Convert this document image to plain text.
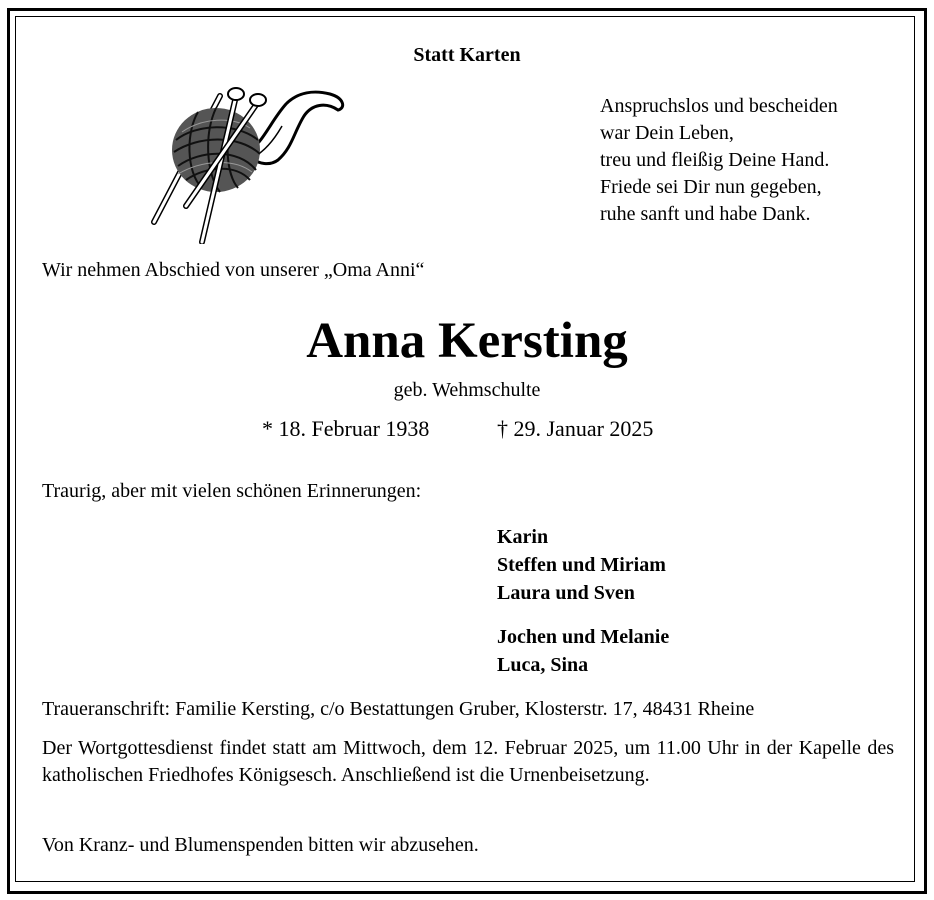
Statt Karten
Anspruchslos und bescheiden
war Dein Leben,
treu und fleißig Deine Hand.
Friede sei Dir nun gegeben,
ruhe sanft und habe Dank.
Wir nehmen Abschied von unserer „Oma Anni“
Anna Kersting
geb. Wehmschulte
* 18. Februar 1938	† 29. Januar 2025
Traurig, aber mit vielen schönen Erinnerungen:
Karin
Steffen und Miriam
Laura und Sven
Jochen und Melanie
Luca, Sina
Traueranschrift: Familie Kersting, c/o Bestattungen Gruber, Klosterstr. 17, 48431 Rheine
Der Wortgottesdienst findet statt am Mittwoch, dem 12. Februar 2025, um 11.00 Uhr in der Kapelle des katholischen Friedhofes Königsesch. Anschließend ist die Urnenbeisetzung.
Von Kranz- und Blumenspenden bitten wir abzusehen.
